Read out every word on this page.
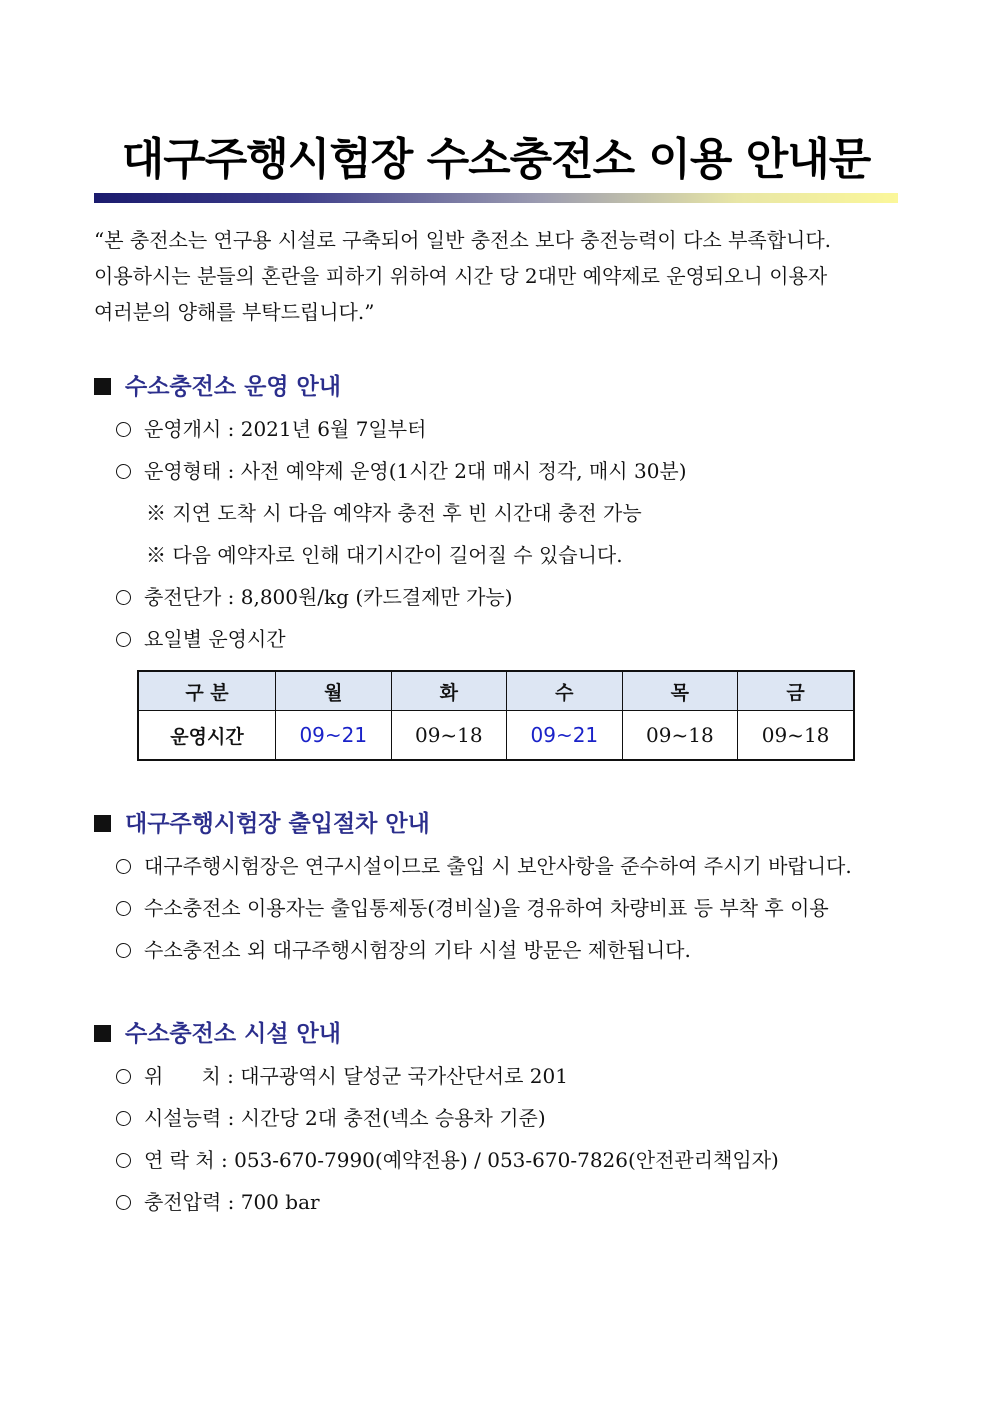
대구주행시험장 수소충전소 이용 안내문
“본 충전소는 연구용 시설로 구축되어 일반 충전소 보다 충전능력이 다소 부족합니다.
이용하시는 분들의 혼란을 피하기 위하여 시간 당 2대만 예약제로 운영되오니 이용자
여러분의 양해를 부탁드립니다.”
수소충전소 운영 안내
운영개시 : 2021년 6월 7일부터
운영형태 : 사전 예약제 운영(1시간 2대 매시 정각, 매시 30분)
※ 지연 도착 시 다음 예약자 충전 후 빈 시간대 충전 가능
※ 다음 예약자로 인해 대기시간이 길어질 수 있습니다.
충전단가 : 8,800원/kg (카드결제만 가능)
요일별 운영시간
구 분	월	화	수	목	금
운영시간	09~21	09~18	09~21	09~18	09~18
대구주행시험장 출입절차 안내
대구주행시험장은 연구시설이므로 출입 시 보안사항을 준수하여 주시기 바랍니다.
수소충전소 이용자는 출입통제동(경비실)을 경유하여 차량비표 등 부착 후 이용
수소충전소 외 대구주행시험장의 기타 시설 방문은 제한됩니다.
수소충전소 시설 안내
위      치 : 대구광역시 달성군 국가산단서로 201
시설능력 : 시간당 2대 충전(넥소 승용차 기준)
연 락 처 : 053-670-7990(예약전용) / 053-670-7826(안전관리책임자)
충전압력 : 700 bar
